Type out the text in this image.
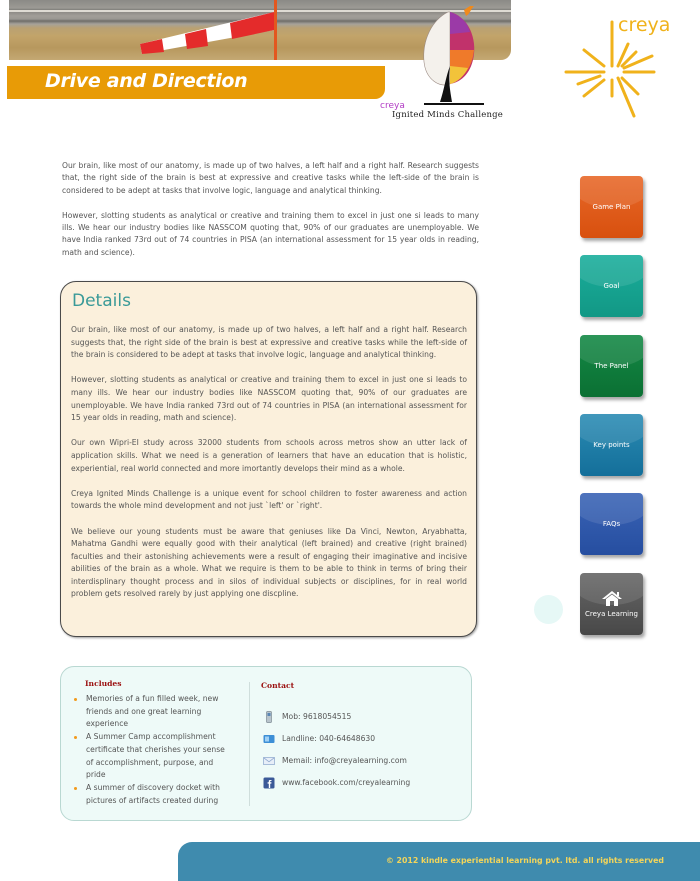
Drive and Direction
creya
Ignited Minds Challenge
creya

Our brain, like most of our anatomy, is made up of two halves, a left half and a right half. Research suggests that, the right side of the brain is best at expressive and creative tasks while the left-side of the brain is considered to be adept at tasks that involve logic, language and analytical thinking.

However, slotting students as analytical or creative and training them to excel in just one si leads to many ills. We hear our industry bodies like NASSCOM quoting that, 90% of our graduates are unemployable. We have India ranked 73rd out of 74 countries in PISA (an international assessment for 15 year olds in reading, math and science).

Details

Our brain, like most of our anatomy, is made up of two halves, a left half and a right half. Research suggests that, the right side of the brain is best at expressive and creative tasks while the left-side of the brain is considered to be adept at tasks that involve logic, language and analytical thinking.

However, slotting students as analytical or creative and training them to excel in just one si leads to many ills. We hear our industry bodies like NASSCOM quoting that, 90% of our graduates are unemployable. We have India ranked 73rd out of 74 countries in PISA (an international assessment for 15 year olds in reading, math and science).

Our own Wipri-EI study across 32000 students from schools across metros show an utter lack of application skills. What we need is a generation of learners that have an education that is holistic, experiential, real world connected and more imortantly develops their mind as a whole.

Creya Ignited Minds Challenge is a unique event for school children to foster awareness and action towards the whole mind development and not just `left' or `right'.

We believe our young students must be aware that geniuses like Da Vinci, Newton, Aryabhatta, Mahatma Gandhi were equally good with their analytical (left brained) and creative (right brained) faculties and their astonishing achievements were a result of engaging their imaginative and incisive abilities of the brain as a whole. What we require is them to be able to think in terms of bring their interdisplinary thought process and in silos of individual subjects or disciplines, for in real world problem gets resolved rarely by just applying one discpline.

Game Plan
Goal
The Panel
Key points
FAQs
Creya Learning
Includes
Memories of a fun filled week, new friends and one great learning experience
A Summer Camp accomplishment certificate that cherishes your sense of accomplishment, purpose, and pride
A summer of discovery docket with pictures of artifacts created during
Contact
Mob: 9618054515
Landline: 040-64648630
Memail: info@creyalearning.com
www.facebook.com/creyalearning
© 2012 kindle experiential learning pvt. ltd. all rights reserved
